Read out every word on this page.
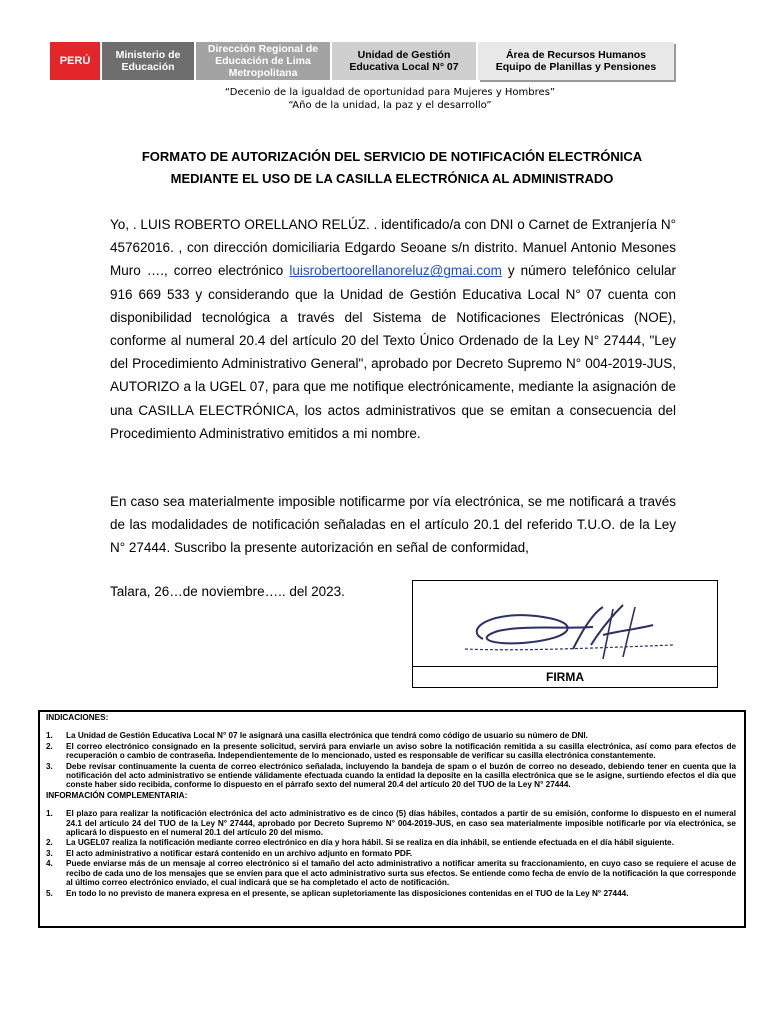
PERÚ	Ministerio de Educación
Dirección Regional de Educación de Lima Metropolitana
Unidad de Gestión Educativa Local N° 07
Área de Recursos Humanos
Equipo de Planillas y Pensiones
“Decenio de la igualdad de oportunidad para Mujeres y Hombres”
“Año de la unidad, la paz y el desarrollo”
FORMATO DE AUTORIZACIÓN DEL SERVICIO DE NOTIFICACIÓN ELECTRÓNICA
MEDIANTE EL USO DE LA CASILLA ELECTRÓNICA AL ADMINISTRADO
Yo, . LUIS ROBERTO ORELLANO RELÚZ. . identificado/a con DNI o Carnet de Extranjería N° 45762016. , con dirección domiciliaria Edgardo Seoane s/n distrito. Manuel Antonio Mesones Muro …., correo electrónico luisrobertoorellanoreluz@gmai.com y número telefónico celular 916 669 533 y considerando que la Unidad de Gestión Educativa Local N° 07 cuenta con disponibilidad tecnológica a través del Sistema de Notificaciones Electrónicas (NOE), conforme al numeral 20.4 del artículo 20 del Texto Único Ordenado de la Ley N° 27444, "Ley del Procedimiento Administrativo General", aprobado por Decreto Supremo N° 004-2019-JUS, AUTORIZO a la UGEL 07, para que me notifique electrónicamente, mediante la asignación de una CASILLA ELECTRÓNICA, los actos administrativos que se emitan a consecuencia del Procedimiento Administrativo emitidos a mi nombre.
En caso sea materialmente imposible notificarme por vía electrónica, se me notificará a través de las modalidades de notificación señaladas en el artículo 20.1 del referido T.U.O. de la Ley N° 27444. Suscribo la presente autorización en señal de conformidad,
Talara, 26…de noviembre….. del 2023.
FIRMA
INDICACIONES:
1.	La Unidad de Gestión Educativa Local N° 07 le asignará una casilla electrónica que tendrá como código de usuario su número de DNI.
2.	El correo electrónico consignado en la presente solicitud, servirá para enviarle un aviso sobre la notificación remitida a su casilla electrónica, así como para efectos de recuperación o cambio de contraseña. Independientemente de lo mencionado, usted es responsable de verificar su casilla electrónica constantemente.
3.	Debe revisar continuamente la cuenta de correo electrónico señalada, incluyendo la bandeja de spam o el buzón de correo no deseado, debiendo tener en cuenta que la notificación del acto administrativo se entiende válidamente efectuada cuando la entidad la deposite en la casilla electrónica que se le asigne, surtiendo efectos el día que conste haber sido recibida, conforme lo dispuesto en el párrafo sexto del numeral 20.4 del artículo 20 del TUO de la Ley N° 27444.
INFORMACIÓN COMPLEMENTARIA:
1.	El plazo para realizar la notificación electrónica del acto administrativo es de cinco (5) días hábiles, contados a partir de su emisión, conforme lo dispuesto en el numeral 24.1 del artículo 24 del TUO de la Ley N° 27444, aprobado por Decreto Supremo N° 004-2019-JUS, en caso sea materialmente imposible notificarle por vía electrónica, se aplicará lo dispuesto en el numeral 20.1 del artículo 20 del mismo.
2.	La UGEL07 realiza la notificación mediante correo electrónico en día y hora hábil. Si se realiza en día inhábil, se entiende efectuada en el día hábil siguiente.
3.	El acto administrativo a notificar estará contenido en un archivo adjunto en formato PDF.
4.	Puede enviarse más de un mensaje al correo electrónico si el tamaño del acto administrativo a notificar amerita su fraccionamiento, en cuyo caso se requiere el acuse de recibo de cada uno de los mensajes que se envíen para que el acto administrativo surta sus efectos. Se entiende como fecha de envío de la notificación la que corresponde al último correo electrónico enviado, el cual indicará que se ha completado el acto de notificación.
5.	En todo lo no previsto de manera expresa en el presente, se aplican supletoriamente las disposiciones contenidas en el TUO de la Ley N° 27444.
